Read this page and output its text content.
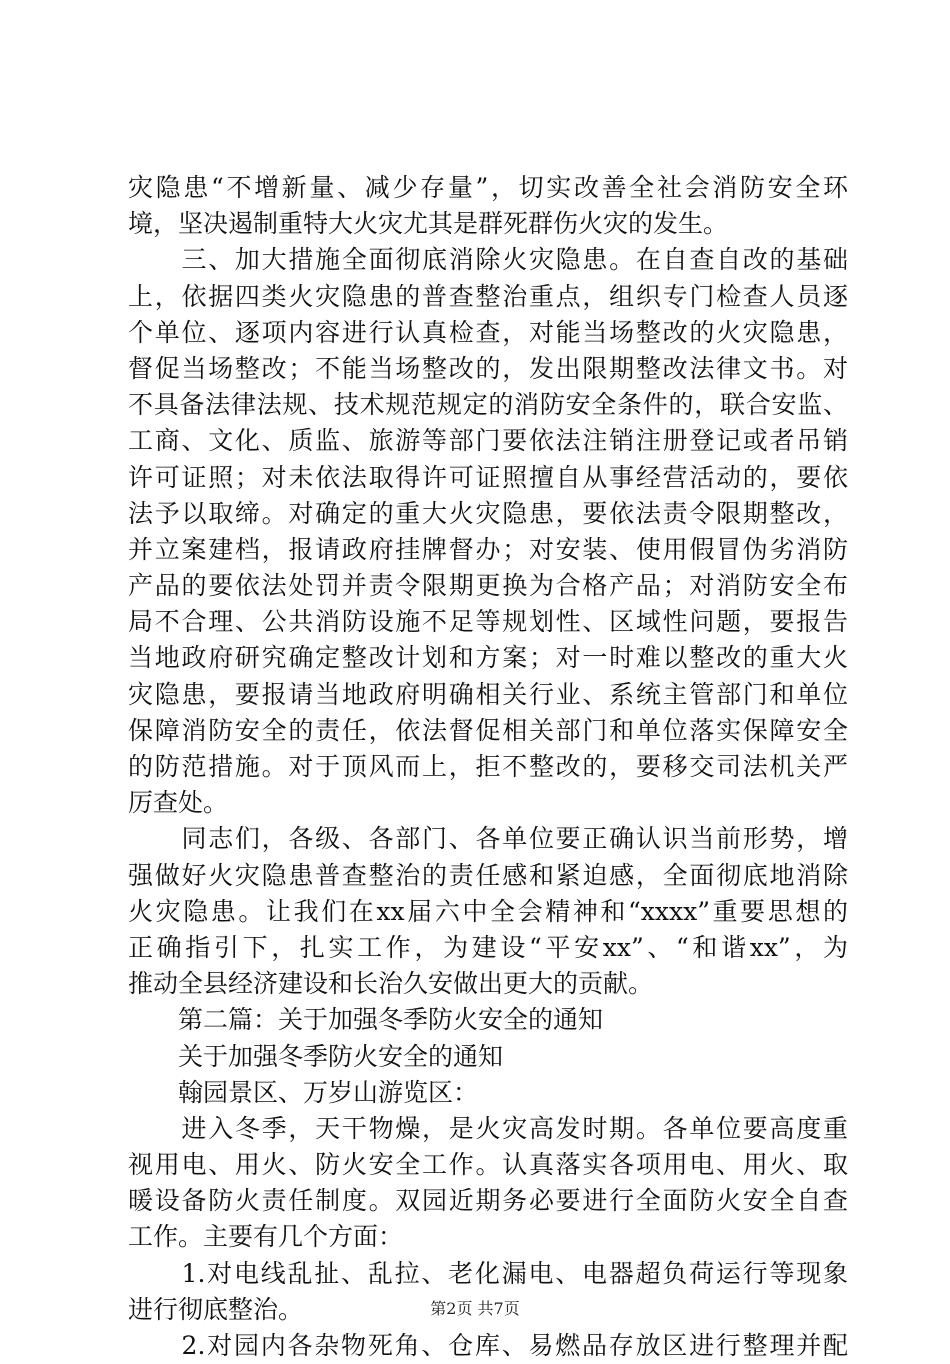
灾隐患“不增新量、减少存量”，切实改善全社会消防安全环
境，坚决遏制重特大火灾尤其是群死群伤火灾的发生。
　　三、加大措施全面彻底消除火灾隐患。在自查自改的基础
上，依据四类火灾隐患的普查整治重点，组织专门检查人员逐
个单位、逐项内容进行认真检查，对能当场整改的火灾隐患，
督促当场整改；不能当场整改的，发出限期整改法律文书。对
不具备法律法规、技术规范规定的消防安全条件的，联合安监、
工商、文化、质监、旅游等部门要依法注销注册登记或者吊销
许可证照；对未依法取得许可证照擅自从事经营活动的，要依
法予以取缔。对确定的重大火灾隐患，要依法责令限期整改，
并立案建档，报请政府挂牌督办；对安装、使用假冒伪劣消防
产品的要依法处罚并责令限期更换为合格产品；对消防安全布
局不合理、公共消防设施不足等规划性、区域性问题，要报告
当地政府研究确定整改计划和方案；对一时难以整改的重大火
灾隐患，要报请当地政府明确相关行业、系统主管部门和单位
保障消防安全的责任，依法督促相关部门和单位落实保障安全
的防范措施。对于顶风而上，拒不整改的，要移交司法机关严
厉查处。
　　同志们，各级、各部门、各单位要正确认识当前形势，增
强做好火灾隐患普查整治的责任感和紧迫感，全面彻底地消除
火灾隐患。让我们在xx届六中全会精神和“xxxx”重要思想的
正确指引下，扎实工作，为建设“平安xx”、“和谐xx”，为
推动全县经济建设和长治久安做出更大的贡献。
　　第二篇：关于加强冬季防火安全的通知
　　关于加强冬季防火安全的通知
　　翰园景区、万岁山游览区：
　　进入冬季，天干物燥，是火灾高发时期。各单位要高度重
视用电、用火、防火安全工作。认真落实各项用电、用火、取
暖设备防火责任制度。双园近期务必要进行全面防火安全自查
工作。主要有几个方面：
　　1.对电线乱扯、乱拉、老化漏电、电器超负荷运行等现象
进行彻底整治。
　　2.对园内各杂物死角、仓库、易燃品存放区进行整理并配
第2页 共7页
